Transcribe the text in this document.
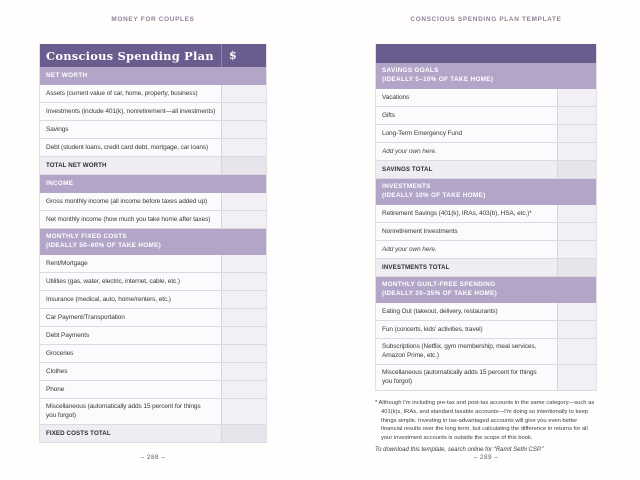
MONEY FOR COUPLES
Conscious Spending Plan	$
NET WORTH
Assets (current value of car, home, property, business)
Investments (include 401(k), nonretirement—all investments)
Savings
Debt (student loans, credit card debt, mortgage, car loans)
TOTAL NET WORTH
INCOME
Gross monthly income (all income before taxes added up)
Net monthly income (how much you take home after taxes)
MONTHLY FIXED COSTS
(IDEALLY 50–60% OF TAKE HOME)
Rent/Mortgage
Utilities (gas, water, electric, internet, cable, etc.)
Insurance (medical, auto, home/renters, etc.)
Car Payment/Transportation
Debt Payments
Groceries
Clothes
Phone
Miscellaneous (automatically adds 15 percent for things you forgot)
FIXED COSTS TOTAL
– 288 –
CONSCIOUS SPENDING PLAN TEMPLATE
SAVINGS GOALS
(IDEALLY 5–10% OF TAKE HOME)
Vacations
Gifts
Long-Term Emergency Fund
Add your own here.
SAVINGS TOTAL
INVESTMENTS
(IDEALLY 10% OF TAKE HOME)
Retirement Savings (401(k), IRAs, 403(b), HSA, etc.)*
Nonretirement Investments
Add your own here.
INVESTMENTS TOTAL
MONTHLY GUILT-FREE SPENDING
(IDEALLY 20–35% OF TAKE HOME)
Eating Out (takeout, delivery, restaurants)
Fun (concerts, kids’ activities, travel)
Subscriptions (Netflix, gym membership, meal services, Amazon Prime, etc.)
Miscellaneous (automatically adds 15 percent for things you forgot)
* Although I'm including pre-tax and post-tax accounts in the same category—such as 401(k)s, IRAs, and standard taxable accounts—I'm doing so intentionally to keep things simple. Investing in tax-advantaged accounts will give you even better financial results over the long term, but calculating the difference in returns for all your investment accounts is outside the scope of this book.
To download this template, search online for “Ramit Sethi CSP.”
– 289 –
